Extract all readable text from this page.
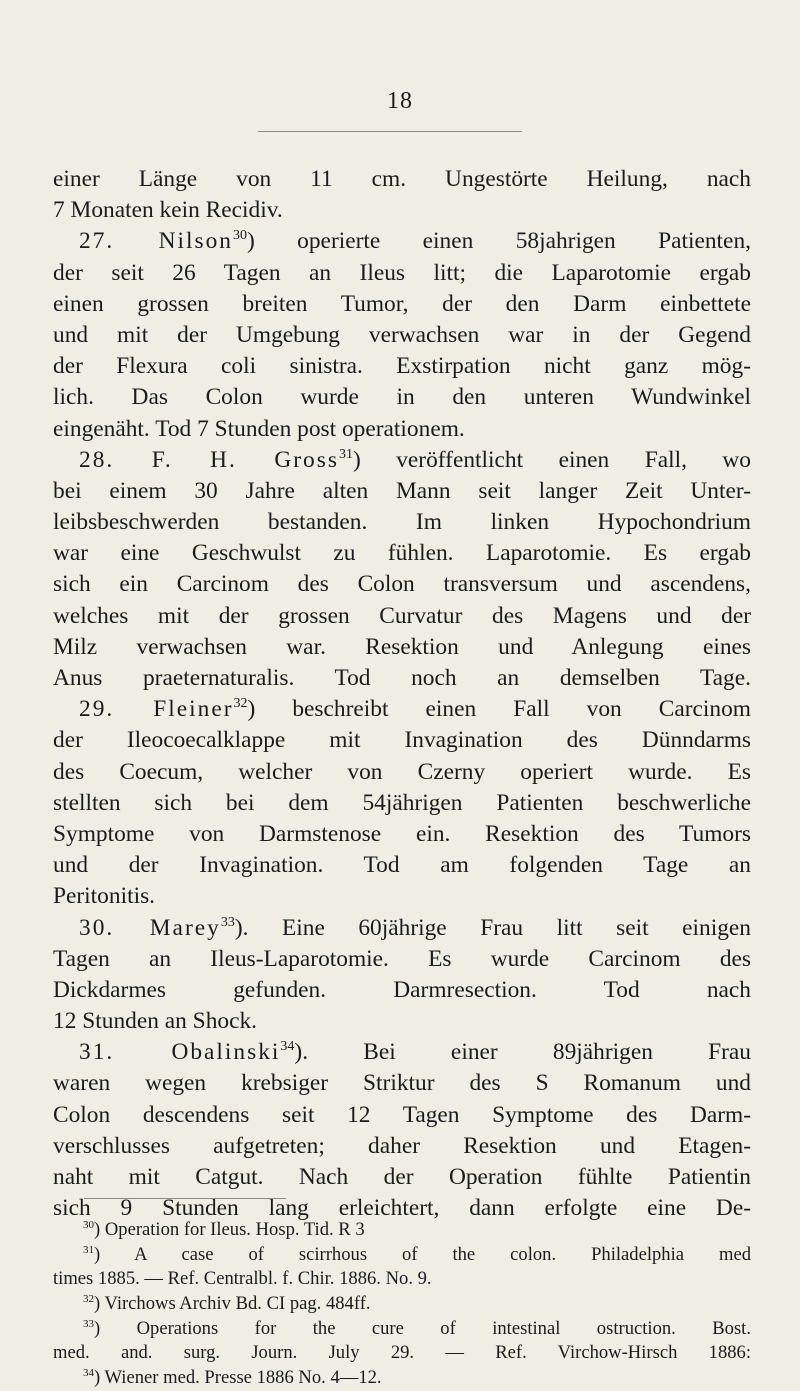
18
einer Länge von 11 cm. Ungestörte Heilung, nach
7 Monaten kein Recidiv.
27. Nilson$^{30}$) operierte einen 58jahrigen Patienten,
der seit 26 Tagen an Ileus litt; die Laparotomie ergab
einen grossen breiten Tumor, der den Darm einbettete
und mit der Umgebung verwachsen war in der Gegend
der Flexura coli sinistra. Exstirpation nicht ganz mög-
lich. Das Colon wurde in den unteren Wundwinkel
eingenäht. Tod 7 Stunden post operationem.
28. F. H. Gross$^{31}$) veröffentlicht einen Fall, wo
bei einem 30 Jahre alten Mann seit langer Zeit Unter-
leibsbeschwerden bestanden. Im linken Hypochondrium
war eine Geschwulst zu fühlen. Laparotomie. Es ergab
sich ein Carcinom des Colon transversum und ascendens,
welches mit der grossen Curvatur des Magens und der
Milz verwachsen war. Resektion und Anlegung eines
Anus praeternaturalis. Tod noch an demselben Tage.
29. Fleiner$^{32}$) beschreibt einen Fall von Carcinom
der Ileocoecalklappe mit Invagination des Dünndarms
des Coecum, welcher von Czerny operiert wurde. Es
stellten sich bei dem 54jährigen Patienten beschwerliche
Symptome von Darmstenose ein. Resektion des Tumors
und der Invagination. Tod am folgenden Tage an
Peritonitis.
30. Marey$^{33}$). Eine 60jährige Frau litt seit einigen
Tagen an Ileus-Laparotomie. Es wurde Carcinom des
Dickdarmes gefunden. Darmresection. Tod nach
12 Stunden an Shock.
31. Obalinski$^{34}$). Bei einer 89jährigen Frau
waren wegen krebsiger Striktur des S Romanum und
Colon descendens seit 12 Tagen Symptome des Darm-
verschlusses aufgetreten; daher Resektion und Etagen-
naht mit Catgut. Nach der Operation fühlte Patientin
sich 9 Stunden lang erleichtert, dann erfolgte eine De-
$^{30}$) Operation for Ileus. Hosp. Tid. R 3
$^{31}$) A case of scirrhous of the colon. Philadelphia med
times 1885. — Ref. Centralbl. f. Chir. 1886. No. 9.
$^{32}$) Virchows Archiv Bd. CI pag. 484ff.
$^{33}$) Operations for the cure of intestinal ostruction. Bost.
med. and. surg. Journ. July 29. — Ref. Virchow-Hirsch 1886:
$^{34}$) Wiener med. Presse 1886 No. 4—12.
